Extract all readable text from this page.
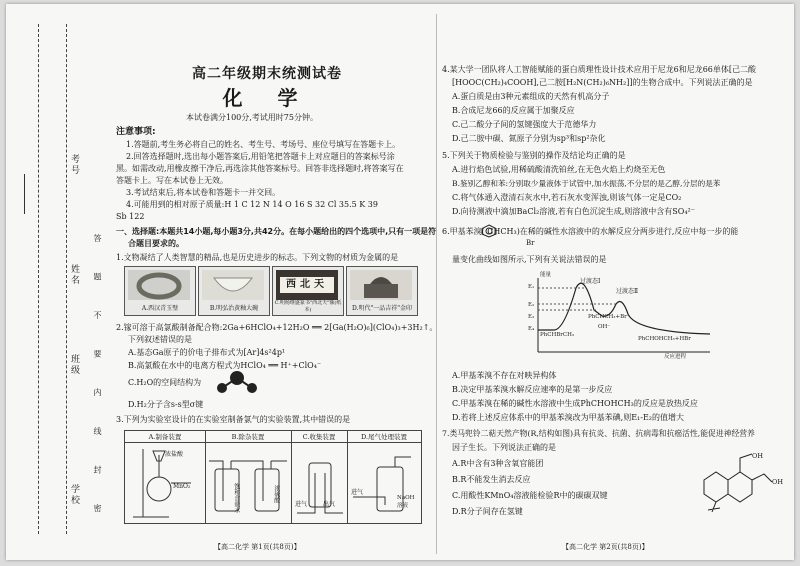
考号
姓名 答 题 不 要 内 线 封 密
班级
学校
高二年级期末统测试卷
化 学
本试卷满分100分,考试用时75分钟。
注意事项:
1.答题前,考生务必将自己的姓名、考生号、考场号、座位号填写在答题卡上。
2.回答选择题时,选出每小题答案后,用铅笔把答题卡上对应题目的答案标号涂
黑。如需改动,用橡皮擦干净后,再选涂其他答案标号。回答非选择题时,将答案写在
答题卡上。写在本试卷上无效。
3.考试结束后,将本试卷和答题卡一并交回。
4.可能用到的相对原子质量:H 1 C 12 N 14 O 16 S 32 Cl 35.5 K 39
Sb 122
一、选择题:本题共14小题,每小题3分,共42分。在每小题给出的四个选项中,只有一项是符
合题目要求的。
1.文物凝结了人类智慧的精品,也是历史进步的标志。下列文物的材质为金属的是
A.西汉青玉璧	B.明弘治黄釉大碗
西北天
C.明杨继盛篆书"西北天"额(纸本)	D.明代"一品吉祥"金印
2.镓可溶于高氯酸制备配合物:2Ga+6HClO₄+12H₂O ══ 2[Ga(H₂O)₆](ClO₄)₃+3H₂↑。
下列叙述错误的是
A.基态Ga原子的价电子排布式为[Ar]4s²4p¹
B.高氯酸在水中的电离方程式为HClO₄ ══ H⁺+ClO₄⁻
C.H₂O的空间结构为
D.H₂分子含s-s型σ键
3.下列为实验室设计的在实验室制备氯气的实验装置,其中错误的是
A.制备装置
浓盐酸
MnO₂
B.除杂装置
饱和食盐水	浓硫酸
C.收集装置
进气	出气
D.尾气处理装置
进气
NaOH溶液
【高二化学 第1页(共8页)】
4.某大学一团队将人工智能赋能的蛋白质理性设计技术应用于尼龙6和尼龙66单体[己二酸
[HOOC(CH₂)₄COOH],己二胺[H₂N(CH₂)₆NH₂]]的生物合成中。下列说法正确的是
A.蛋白质是由3种元素组成的天然有机高分子
B.合成尼龙66的反应属于加聚反应
C.己二酸分子间的氢键强度大于范德华力
D.己二胺中碳、氮原子分别为sp³和sp²杂化
5.下列关于物质检验与鉴别的操作及结论均正确的是
A.进行焰色试验,用稀硫酸清洗铂丝,在无色火焰上灼烧至无色
B.鉴别乙醇和苯:分别取少量液体于试管中,加水振荡,不分层的是乙醇,分层的是苯
C.将气体通入澄清石灰水中,若石灰水变浑浊,则该气体一定是CO₂
D.向待测液中滴加BaCl₂溶液,若有白色沉淀生成,则溶液中含有SO₄²⁻
6.甲基苯溴( CHCH₃)在稀的碱性水溶液中的水解反应分两步进行,反应中每一步的能
Br
量变化曲线如图所示,下列有关说法错误的是
过渡态Ⅰ
过渡态Ⅱ
PhCHCH₃+Br⁻
OH⁻
PhCHBrCH₃
PhCHOHCH₃+HBr
E₁
E₂
E₃
E₄
反应进程
能量
A.甲基苯溴不存在对映异构体
B.决定甲基苯溴水解反应速率的是第一步反应
C.甲基苯溴在稀的碱性水溶液中生成PhCHOHCH₃的反应是放热反应
D.若将上述反应体系中的甲基苯溴改为甲基苯碘,则E₁-E₂的值增大
7.类马兜铃二萜天然产物(R,结构如图)具有抗炎、抗菌、抗病毒和抗癌活性,能促进神经营养
因子生长。下列说法正确的是
A.R中含有3种含氧官能团
B.R不能发生消去反应
C.用酸性KMnO₄溶液能检验R中的碳碳双键
D.R分子间存在氢键
OH
OH
【高二化学 第2页(共8页)】
